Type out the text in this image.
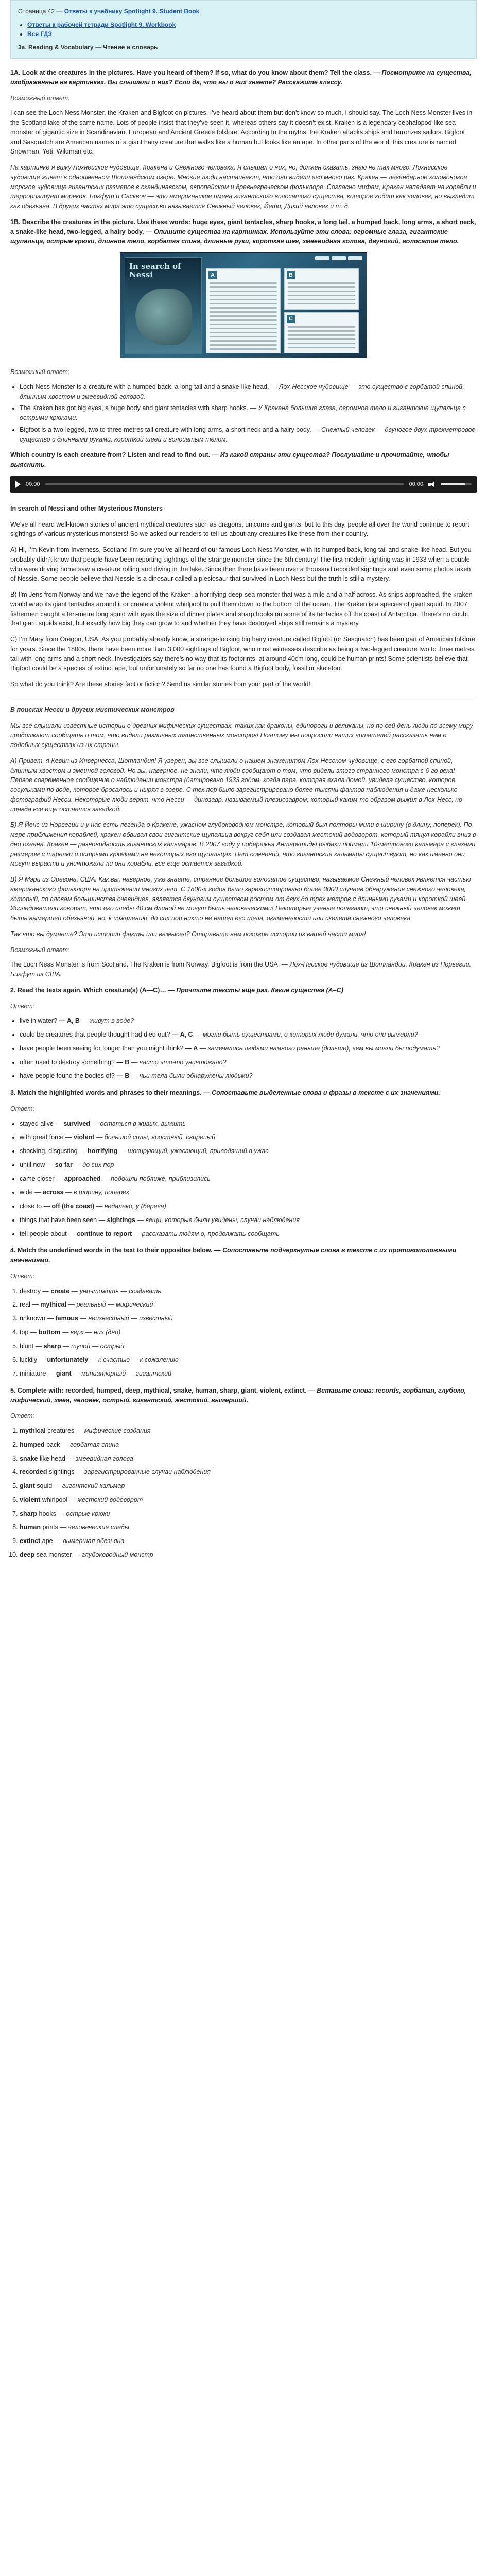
Страница 42 — Ответы к учебнику Spotlight 9. Student Book
• Ответы к рабочей тетради Spotlight 9. Workbook
• Все ГДЗ
3a. Reading & Vocabulary — Чтение и словарь
1A. Look at the creatures in the pictures. Have you heard of them? If so, what do you know about them? Tell the class. — Посмотрите на существа, изображенные на картинках. Вы слышали о них? Если да, что вы о них знаете? Расскажите классу.

Возможный ответ:

I can see the Loch Ness Monster, the Kraken and Bigfoot on pictures. I’ve heard about them but don’t know so much, I should say. The Loch Ness Monster lives in the Scotland lake of the same name. Lots of people insist that they’ve seen it, whereas others say it doesn’t exist. Kraken is a legendary cephalopod-like sea monster of gigantic size in Scandinavian, European and Ancient Greece folklore. According to the myths, the Kraken attacks ships and terrorizes sailors. Bigfoot and Sasquatch are American names of a giant hairy creature that walks like a human but looks like an ape. In other parts of the world, this creature is named Snowman, Yeti, Wildman etc.

На картинке я вижу Лохнесское чудовище, Кракена и Снежного человека. Я слышал о них, но, должен сказать, знаю не так много. Лохнесское чудовище живет в одноименном Шотландском озере. Многие люди настаивают, что они видели его много раз. Кракен — легендарное головоногое морское чудовище гигантских размеров в скандинавском, европейском и древнегреческом фольклоре. Согласно мифам, Кракен нападает на корабли и терроризирует моряков. Бигфут и Сасквоч — это американские имена гигантского волосатого существа, которое ходит как человек, но выглядит как обезьяна. В других частях мира это существо называется Снежный человек, Йети, Дикий человек и т. д.

1B. Describe the creatures in the picture. Use these words: huge eyes, giant tentacles, sharp hooks, a long tail, a humped back, long arms, a short neck, a snake-like head, two-legged, a hairy body. — Опишите существа на картинках. Используйте эти слова: огромные глаза, гигантские щупальца, острые крюки, длинное тело, горбатая спина, длинные руки, короткая шея, змеевидная голова, двуногий, волосатое тело.
In search of Nessi	A	B
C

Возможный ответ:

• Loch Ness Monster is a creature with a humped back, a long tail and a snake-like head. — Лох-Несское чудовище — это существо с горбатой спиной, длинным хвостом и змеевидной головой.
• The Kraken has got big eyes, a huge body and giant tentacles with sharp hooks. — У Кракена большие глаза, огромное тело и гигантские щупальца с острыми крюками.
• Bigfoot is a two-legged, two to three metres tall creature with long arms, a short neck and a hairy body. — Снежный человек — двуногое двух-трехметровое существо с длинными руками, короткой шеей и волосатым телом.
Which country is each creature from? Listen and read to find out. — Из какой страны эти существа? Послушайте и прочитайте, чтобы выяснить.
00:00	00:00
In search of Nessi and other Mysterious Monsters

We’ve all heard well-known stories of ancient mythical creatures such as dragons, unicorns and giants, but to this day, people all over the world continue to report sightings of various mysterious monsters! So we asked our readers to tell us about any creatures like these from their country.

A) Hi, I’m Kevin from Inverness, Scotland I’m sure you’ve all heard of our famous Loch Ness Monster, with its humped back, long tail and snake-like head. But you probably didn’t know that people have been reporting sightings of the strange monster since the 6th century! The first modern sighting was in 1933 when a couple who were driving home saw a creature rolling and diving in the lake. Since then there have been over a thousand recorded sightings and even some photos taken of Nessie. Some people believe that Nessie is a dinosaur called a plesiosaur that survived in Loch Ness but the truth is still a mystery.

B) I’m Jens from Norway and we have the legend of the Kraken, a horrifying deep-sea monster that was a mile and a half across. As ships approached, the kraken would wrap its giant tentacles around it or create a violent whirlpool to pull them down to the bottom of the ocean. The Kraken is a species of giant squid. In 2007, fishermen caught a ten-metre long squid with eyes the size of dinner plates and sharp hooks on some of its tentacles off the coast of Antarctica. There’s no doubt that giant squids exist, but exactly how big they can grow to and whether they have destroyed ships still remains a mystery.

C) I’m Mary from Oregon, USA. As you probably already know, a strange-looking big hairy creature called Bigfoot (or Sasquatch) has been part of American folklore for years. Since the 1800s, there have been more than 3,000 sightings of Bigfoot, who most witnesses describe as being a two-legged creature two to three metres tall with long arms and a short neck. Investigators say there’s no way that its footprints, at around 40cm long, could be human prints! Some scientists believe that Bigfoot could be a species of extinct ape, but unfortunately so far no one has found a Bigfoot body, fossil or skeleton.

So what do you think? Are these stories fact or fiction? Send us similar stories from your part of the world!

В поисках Несси и других мистических монстров

Мы все слышали известные истории о древних мифических существах, таких как драконы, единороги и великаны, но по сей день люди по всему миру продолжают сообщать о том, что видели различных таинственных монстров! Поэтому мы попросили наших читателей рассказать нам о подобных существах из их страны.

А) Привет, я Кевин из Инвернесса, Шотландия! Я уверен, вы все слышали о нашем знаменитом Лох-Несском чудовище, с его горбатой спиной, длинным хвостом и змеиной головой. Но вы, наверное, не знали, что люди сообщают о том, что видели этого странного монстра с 6-го века! Первое современное сообщение о наблюдении монстра (датировано 1933 годом, когда пара, которая ехала домой, увидела существо, которое сосульками по воде, которое бросалось и нырял в озере. С тех пор было зарегистрировано более тысячи фактов наблюдения и даже несколько фотографий Несси. Некоторые люди верят, что Несси — динозавр, называемый плезиозавром, который каким-то образом выжил в Лох-Несс, но правда все еще остается загадкой.

Б) Я Йенс из Норвегии и у нас есть легенда о Кракене, ужасном глубоководном монстре, который был полторы мили в ширину (в длину, поперек). По мере приближения кораблей, кракен обвивал свои гигантские щупальца вокруг себя или создавал жестокий водоворот, который тянул корабли вниз в дно океана. Кракен — разновидность гигантских кальмаров. В 2007 году у побережья Антарктиды рыбаки поймали 10-метрового кальмара с глазами размером с тарелки и острыми крючками на некоторых его щупальцах. Нет сомнений, что гигантские кальмары существуют, но как именно они могут вырасти и уничтожали ли они корабли, все еще остается загадкой.

В) Я Мэри из Орегона, США. Как вы, наверное, уже знаете, странное большое волосатое существо, называемое Снежный человек является частью американского фольклора на протяжении многих лет. С 1800-х годов было зарегистрировано более 3000 случаев обнаружения снежного человека, который, по словам большинства очевидцев, является двуногим существом ростом от двух до трех метров с длинными руками и короткой шеей. Исследователи говорят, что его следы 40 см длиной не могут быть человеческими! Некоторые ученые полагают, что снежный человек может быть вымершей обезьяной, но, к сожалению, до сих пор никто не нашел его тела, окаменелости или скелета снежного человека.

Так что вы думаете? Эти истории факты или вымысел? Отправьте нам похожие истории из вашей части мира!

Возможный ответ:

The Loch Ness Monster is from Scotland. The Kraken is from Norway. Bigfoot is from the USA. — Лох-Несское чудовище из Шотландии. Кракен из Норвегии. Бигфут из США.

2. Read the texts again. Which creature(s) (A—C)… — Прочтите тексты еще раз. Какие существа (А–С)

Ответ:

• live in water? — A, B — живут в воде?
• could be creatures that people thought had died out? — A, C — могли быть существами, о которых люди думали, что они вымерли?
• have people been seeing for longer than you might think? — A — замечались людьми намного раньше (дольше), чем вы могли бы подумать?
• often used to destroy something? — B — часто что-то уничтожало?
• have people found the bodies of? — B — чьи тела были обнаружены людьми?
3. Match the highlighted words and phrases to their meanings. — Сопоставьте выделенные слова и фразы в тексте с их значениями.

Ответ:

• stayed alive — survived — остаться в живых, выжить
• with great force — violent — большой силы, яростный, свирепый
• shocking, disgusting — horrifying — шокирующий, ужасающий, приводящий в ужас
• until now — so far — до сих пор
• came closer — approached — подошли поближе, приблизились
• wide — across — в ширину, поперек
• close to — off (the coast) — недалеко, у (берега)
• things that have been seen — sightings — вещи, которые были увидены, случаи наблюдения
• tell people about — continue to report — рассказать людям о, продолжать сообщать
4. Match the underlined words in the text to their opposites below. — Сопоставьте подчеркнутые слова в тексте с их противоположными значениями.

Ответ:

1. destroy — create — уничтожить — создавать
2. real — mythical — реальный — мифический
3. unknown — famous — неизвестный — известный
4. top — bottom — верх — низ (дно)
5. blunt — sharp — тупой — острый
6. luckily — unfortunately — к счастью — к сожалению
7. miniature — giant — миниатюрный — гигантский
5. Complete with: recorded, humped, deep, mythical, snake, human, sharp, giant, violent, extinct. — Вставьте слова: records, горбатая, глубоко, мифический, змея, человек, острый, гигантский, жестокий, вымерший.

Ответ:

1. mythical creatures — мифические создания
2. humped back — горбатая спина
3. snake like head — змеевидная голова
4. recorded sightings — зарегистрированные случаи наблюдения
5. giant squid — гигантский кальмар
6. violent whirlpool — жестокий водоворот
7. sharp hooks — острые крюки
8. human prints — человеческие следы
9. extinct ape — вымершая обезьяна
10. deep sea monster — глубоководный монстр
